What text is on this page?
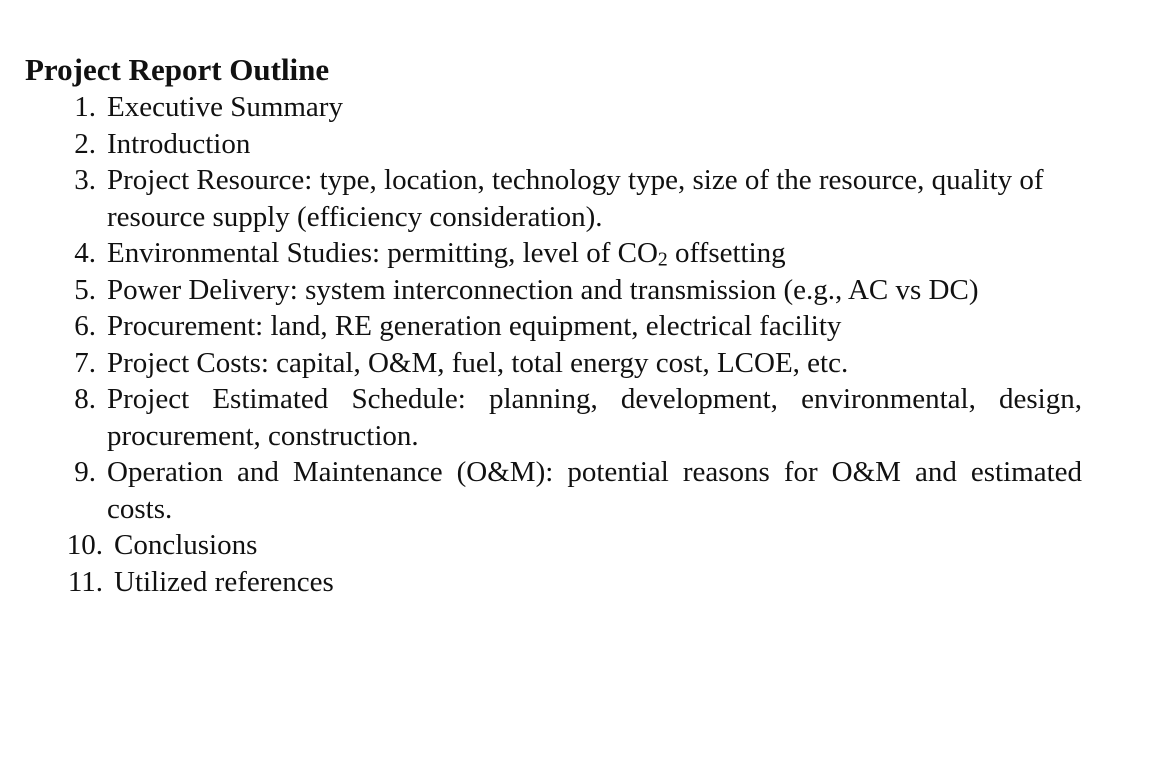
Project Report Outline
1. Executive Summary
2. Introduction
3. Project Resource: type, location, technology type, size of the resource, quality of resource supply (efficiency consideration).
4. Environmental Studies: permitting, level of $CO_2$ offsetting
5. Power Delivery: system interconnection and transmission (e.g., AC vs DC)
6. Procurement: land, RE generation equipment, electrical facility
7. Project Costs: capital, O&M, fuel, total energy cost, LCOE, etc.
8. Project Estimated Schedule: planning, development, environmental, design, procurement, construction.
9. Operation and Maintenance (O&M): potential reasons for O&M and estimated costs.
10. Conclusions
11. Utilized references
